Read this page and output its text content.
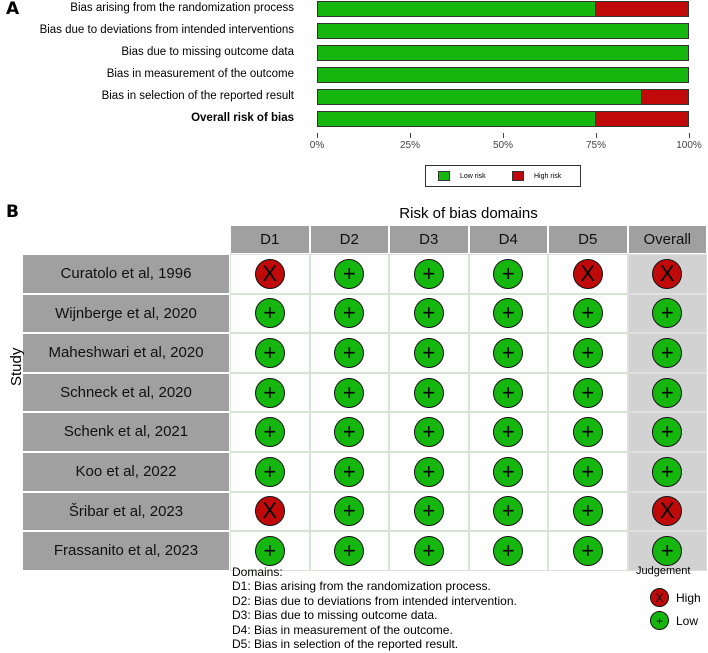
A	Bias arising from the randomization process
Bias due to deviations from intended interventions
Bias due to missing outcome data
Bias in measurement of the outcome
Bias in selection of the reported result
Overall risk of bias
0%	25%	50%	75%	100%
Low risk	High risk
B	Risk of bias domains
D1	D2	D3	D4	D5	Overall
Curatolo et al, 1996	X	+	+	+	X	X
Wijnberge et al, 2020	+	+	+	+	+	+
Maheshwari et al, 2020	+	+	+	+	+	+
Schneck et al, 2020	+	+	+	+	+	+
Schenk et al, 2021	+	+	+	+	+	+
Koo et al, 2022	+	+	+	+	+	+
Šribar et al, 2023	X	+	+	+	+	X
Frassanito et al, 2023	+	+	+	+	+	+
Study
Domains:
D1: Bias arising from the randomization process.
D2: Bias due to deviations from intended intervention.
D3: Bias due to missing outcome data.
D4: Bias in measurement of the outcome.
D5: Bias in selection of the reported result.
Judgement
X	High
+	Low
